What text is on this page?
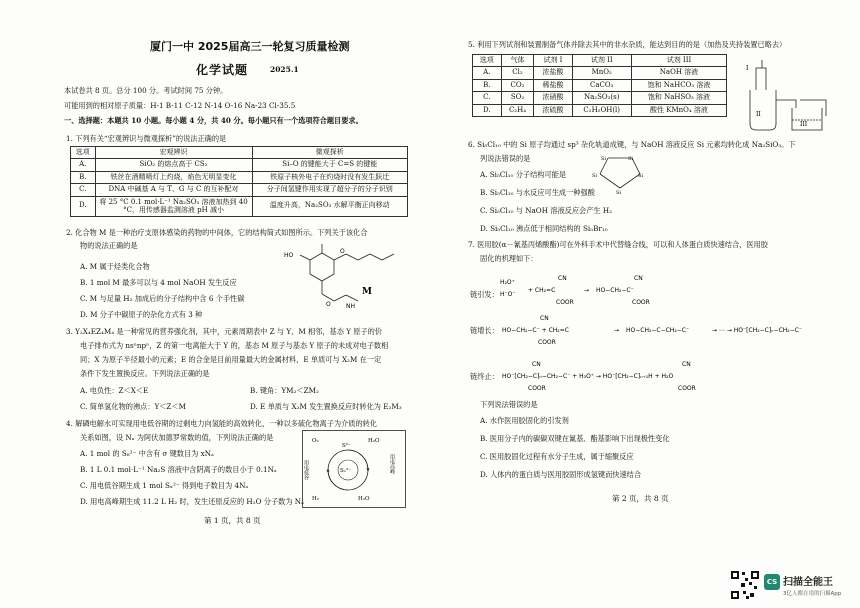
厦门一中 2025届高三一轮复习质量检测
化学试题	2025.1
本试卷共 8 页。总分 100 分。考试时间 75 分钟。
可能用到的相对原子质量：H-1 B-11 C-12 N-14 O-16 Na-23 Cl-35.5
一、选择题：本题共 10 小题。每小题 4 分，共 40 分。每小题只有一个选项符合题目要求。
1. 下列有关“宏观辨识与微观探析”的说法正确的是
选项	宏观辨识	微观探析
A.	SiO₂ 的熔点高于 CS₂	Si–O 的键能大于 C=S 的键能
B.	铁丝在酒精喷灯上灼烧，焰色无明显变化	铁原子核外电子在灼烧时没有发生跃迁
C.	DNA 中碱基 A 与 T、G 与 C 的互补配对	分子间氢键作用实现了超分子的分子识别
D.	将 25 °C 0.1 mol·L⁻¹ Na₂SO₃ 溶液加热到 40 °C，用传感器监测溶液 pH 减小	温度升高，Na₂SO₃ 水解平衡正向移动
2. 化合物 M 是一种治疗支原体感染的药物的中间体，它的结构简式如图所示。下列关于该化合
物的说法正确的是
A. M 属于烃类化合物
B. 1 mol M 最多可以与 4 mol NaOH 发生反应
C. M 与足量 H₂ 加成后的分子结构中含 6 个手性碳
D. M 分子中碳原子的杂化方式有 3 种
HO
O
O	NH
M
3. Y₂X₄EZ₄M₄ 是一种常见的营养强化剂，其中，元素周期表中 Z 与 Y、M 相邻，基态 Y 原子的价
电子排布式为 nsⁿnpⁿ，Z 的第一电离能大于 Y 的，基态 M 原子与基态 Y 原子的未成对电子数相
同；X 为原子半径最小的元素；E 的合金是目前用量最大的金属材料，E 单质可与 X₂M 在一定
条件下发生置换反应。下列说法正确的是
A. 电负性：Z＜X＜E	B. 键角：YM₂＜ZM₂
C. 简单氢化物的沸点：Y＜Z＜M	D. E 单质与 X₂M 发生置换反应时转化为 E₂M₃
4. 解磷电解水可实现用电低谷期的过剩电力向氢能的高效转化，一种以多硫化物离子为介质的转化
关系如图，设 Nₐ 为阿伏加德罗常数的值，下列说法正确的是
A. 1 mol 的 S₈²⁻ 中含有 σ 键数目为 xNₐ
B. 1 L 0.1 mol·L⁻¹ Na₂S 溶液中含阴离子的数目小于 0.1Nₐ
C. 用电低谷期生成 1 mol Sₓ²⁻ 得到电子数目为 4Nₐ
D. 用电高峰期生成 11.2 L H₂ 时，发生还原反应的 H₂O 分子数为 Nₐ
O₂	H₂O
S²⁻
Sₓ²⁻
H₂	H₂O
用电低谷	用电高峰
第 1 页，共 8 页
5. 利用下列试剂和装置制备气体并除去其中的非水杂质，能达到目的的是（加热及夹持装置已略去）
选项	气体	试剂 I	试剂 II	试剂 III
A.	Cl₂	浓盐酸	MnO₂	NaOH 溶液
B.	CO₂	稀盐酸	CaCO₃	饱和 NaHCO₃ 溶液
C.	SO₂	浓硝酸	Na₂SO₃(s)	饱和 NaHSO₃ 溶液
D.	C₂H₄	浓硫酸	C₂H₅OH(l)	酸性 KMnO₄ 溶液
I
II
III
6. Si₅Cl₁₀ 中的 Si 原子均通过 sp³ 杂化轨道成键，与 NaOH 溶液反应 Si 元素均转化成 Na₂SiO₃。下
列说法错误的是
A. Si₅Cl₁₀ 分子结构可能是
B. Si₅Cl₁₀ 与水反应可生成一种强酸
C. Si₅Cl₁₀ 与 NaOH 溶液反应会产生 H₂
D. Si₅Cl₁₀ 沸点低于相同结构的 Si₅Br₁₀
Si	Si
Si	Si
Si
7. 医用胶(α－氰基丙烯酸酯)可在外科手术中代替缝合线，可以和人体蛋白质快速结合，医用胶
固化的机理如下：
链引发：
H₂O⁺
H⁻O⁻
+ CH₂=C
CN
COOR
→ HO−CH₂−C⁻
CN
COOR
链增长： HO−CH₂−C⁻ + CH₂=C
CN
COOR
→ HO−CH₂−C−CH₂−C⁻	→ ⋯ → HO⁻[CH₂−C]ₙ−CH₂−C⁻
链终止： HO⁻[CH₂−C]ₙ−CH₂−C⁻ + H₃O⁺ → HO⁻[CH₂−C]ₙ₊₁H + H₂O
CN
COOR
CN
COOR
下列说法错误的是
A. 水作医用胶固化的引发剂
B. 医用分子内的碳碳双键在氰基、酯基影响下出现极性变化
C. 医用胶固化过程有水分子生成，属于缩聚反应
D. 人体内的蛋白质与医用胶固形成氢键而快速结合
第 2 页，共 8 页
CS 扫描全能王
3亿人都在用的扫描App
